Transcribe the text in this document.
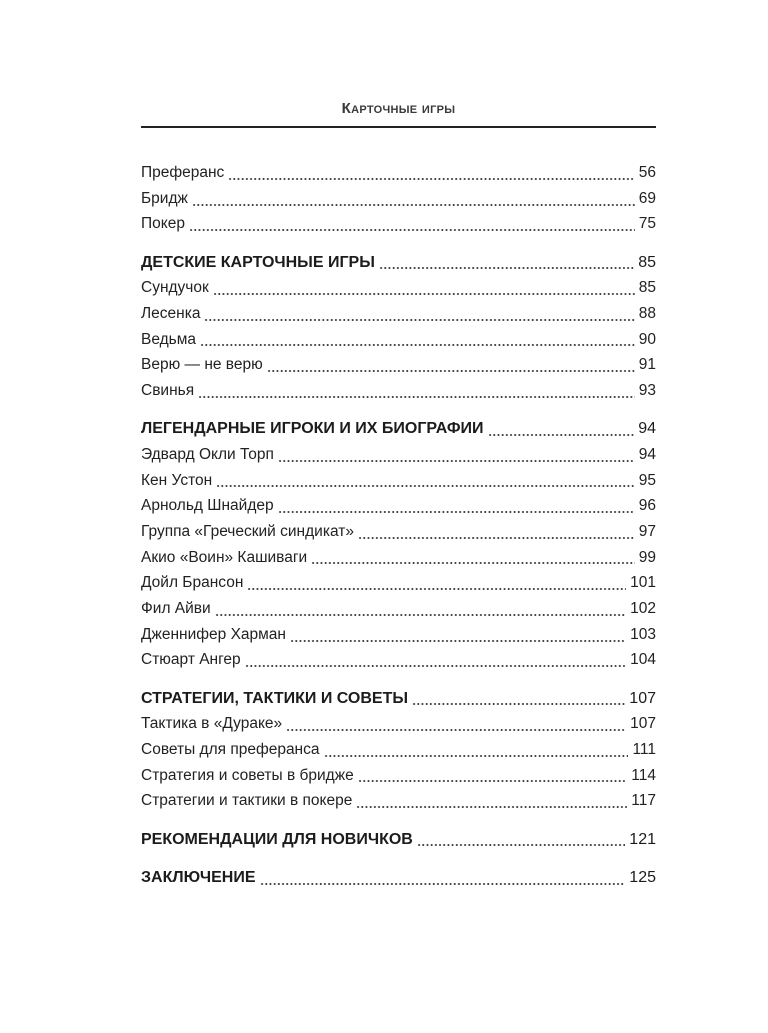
Карточные игры
Преферанс	56
Бридж	69
Покер	75
ДЕТСКИЕ КАРТОЧНЫЕ ИГРЫ	85
Сундучок	85
Лесенка	88
Ведьма	90
Верю — не верю	91
Свинья	93
ЛЕГЕНДАРНЫЕ ИГРОКИ И ИХ БИОГРАФИИ	94
Эдвард Окли Торп	94
Кен Устон	95
Арнольд Шнайдер	96
Группа «Греческий синдикат»	97
Акио «Воин» Кашиваги	99
Дойл Брансон	101
Фил Айви	102
Дженнифер Харман	103
Стюарт Ангер	104
СТРАТЕГИИ, ТАКТИКИ И СОВЕТЫ	107
Тактика в «Дураке»	107
Советы для преферанса	111
Стратегия и советы в бридже	114
Стратегии и тактики в покере	117
РЕКОМЕНДАЦИИ ДЛЯ НОВИЧКОВ	121
ЗАКЛЮЧЕНИЕ	125
